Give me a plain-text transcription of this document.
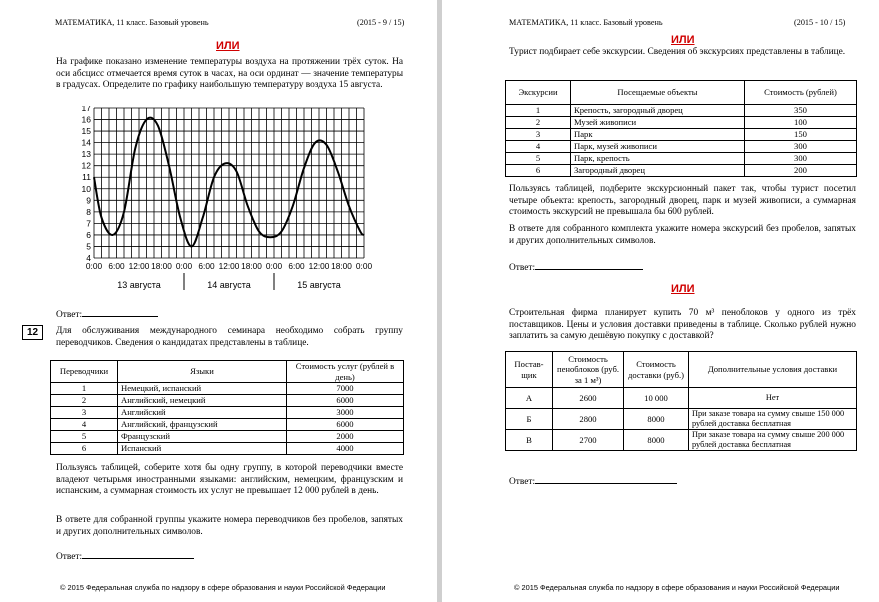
МАТЕМАТИКА, 11 класс. Базовый уровень	(2015 - 9 / 15)
ИЛИ
На графике показано изменение температуры воздуха на протяжении трёх суток. На оси абсцисс отмечается время суток в часах, на оси ординат — значение температуры в градусах. Определите по графику наибольшую температуру воздуха 15 августа.
4
5
6
7
8
9
10
11
12
13
14
15
16
17
0:00 6:00 12:00 18:00 0:00 6:00 12:00 18:00 0:00 6:00 12:00 18:00 0:00
13 августа	14 августа	15 августа
Ответ:
12	Для обслуживания международного семинара необходимо собрать группу переводчиков. Сведения о кандидатах представлены в таблице.
Переводчики	Языки	Стоимость услуг (рублей в день)
1	Немецкий, испанский	7000
2	Английский, немецкий	6000
3	Английский	3000
4	Английский, французский	6000
5	Французский	2000
6	Испанский	4000
Пользуясь таблицей, соберите хотя бы одну группу, в которой переводчики вместе владеют четырьмя иностранными языками: английским, немецким, французским и испанским, а суммарная стоимость их услуг не превышает 12 000 рублей в день.
В ответе для собранной группы укажите номера переводчиков без пробелов, запятых и других дополнительных символов.
Ответ:
© 2015 Федеральная служба по надзору в сфере образования и науки Российской Федерации
МАТЕМАТИКА, 11 класс. Базовый уровень	(2015 - 10 / 15)
ИЛИ
Турист подбирает себе экскурсии. Сведения об экскурсиях представлены в таблице.
Экскурсии	Посещаемые объекты	Стоимость (рублей)
1	Крепость, загородный дворец	350
2	Музей живописи	100
3	Парк	150
4	Парк, музей живописи	300
5	Парк, крепость	300
6	Загородный дворец	200
Пользуясь таблицей, подберите экскурсионный пакет так, чтобы турист посетил четыре объекта: крепость, загородный дворец, парк и музей живописи, а суммарная стоимость экскурсий не превышала бы 600 рублей.
В ответе для собранного комплекта укажите номера экскурсий без пробелов, запятых и других дополнительных символов.
Ответ:
ИЛИ
Строительная фирма планирует купить 70 м³ пеноблоков у одного из трёх поставщиков. Цены и условия доставки приведены в таблице. Сколько рублей нужно заплатить за самую дешёвую покупку с доставкой?
Постав-щик	Стоимость пеноблоков (руб. за 1 м³)	Стоимость доставки (руб.)	Дополнительные условия доставки
А	2600	10 000	Нет
Б	2800	8000	При заказе товара на сумму свыше 150 000 рублей доставка бесплатная
В	2700	8000	При заказе товара на сумму свыше 200 000 рублей доставка бесплатная
Ответ:
© 2015 Федеральная служба по надзору в сфере образования и науки Российской Федерации
